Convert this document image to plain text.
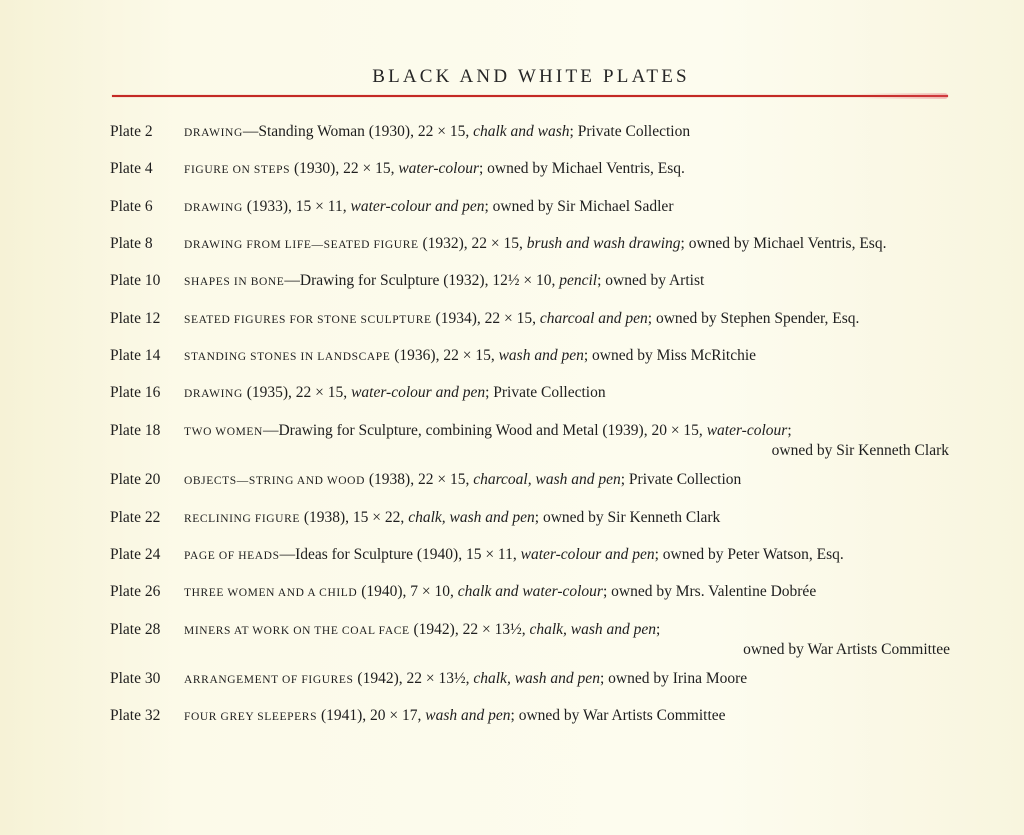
BLACK AND WHITE PLATES
Plate 2	DRAWING—Standing Woman (1930), 22 × 15, chalk and wash; Private Collection
Plate 4	FIGURE ON STEPS (1930), 22 × 15, water-colour; owned by Michael Ventris, Esq.
Plate 6	DRAWING (1933), 15 × 11, water-colour and pen; owned by Sir Michael Sadler
Plate 8	DRAWING FROM LIFE—SEATED FIGURE (1932), 22 × 15, brush and wash drawing; owned by Michael Ventris, Esq.
Plate 10 SHAPES IN BONE—Drawing for Sculpture (1932), 12½ × 10, pencil; owned by Artist
Plate 12 SEATED FIGURES FOR STONE SCULPTURE (1934), 22 × 15, charcoal and pen; owned by Stephen Spender, Esq.
Plate 14 STANDING STONES IN LANDSCAPE (1936), 22 × 15, wash and pen; owned by Miss McRitchie
Plate 16 DRAWING (1935), 22 × 15, water-colour and pen; Private Collection
Plate 18 TWO WOMEN—Drawing for Sculpture, combining Wood and Metal (1939), 20 × 15, water-colour;
owned by Sir Kenneth Clark
Plate 20 OBJECTS—STRING AND WOOD (1938), 22 × 15, charcoal, wash and pen; Private Collection
Plate 22 RECLINING FIGURE (1938), 15 × 22, chalk, wash and pen; owned by Sir Kenneth Clark
Plate 24 PAGE OF HEADS—Ideas for Sculpture (1940), 15 × 11, water-colour and pen; owned by Peter Watson, Esq.
Plate 26 THREE WOMEN AND A CHILD (1940), 7 × 10, chalk and water-colour; owned by Mrs. Valentine Dobrée
Plate 28 MINERS AT WORK ON THE COAL FACE (1942), 22 × 13½, chalk, wash and pen;
owned by War Artists Committee
Plate 30 ARRANGEMENT OF FIGURES (1942), 22 × 13½, chalk, wash and pen; owned by Irina Moore
Plate 32 FOUR GREY SLEEPERS (1941), 20 × 17, wash and pen; owned by War Artists Committee
